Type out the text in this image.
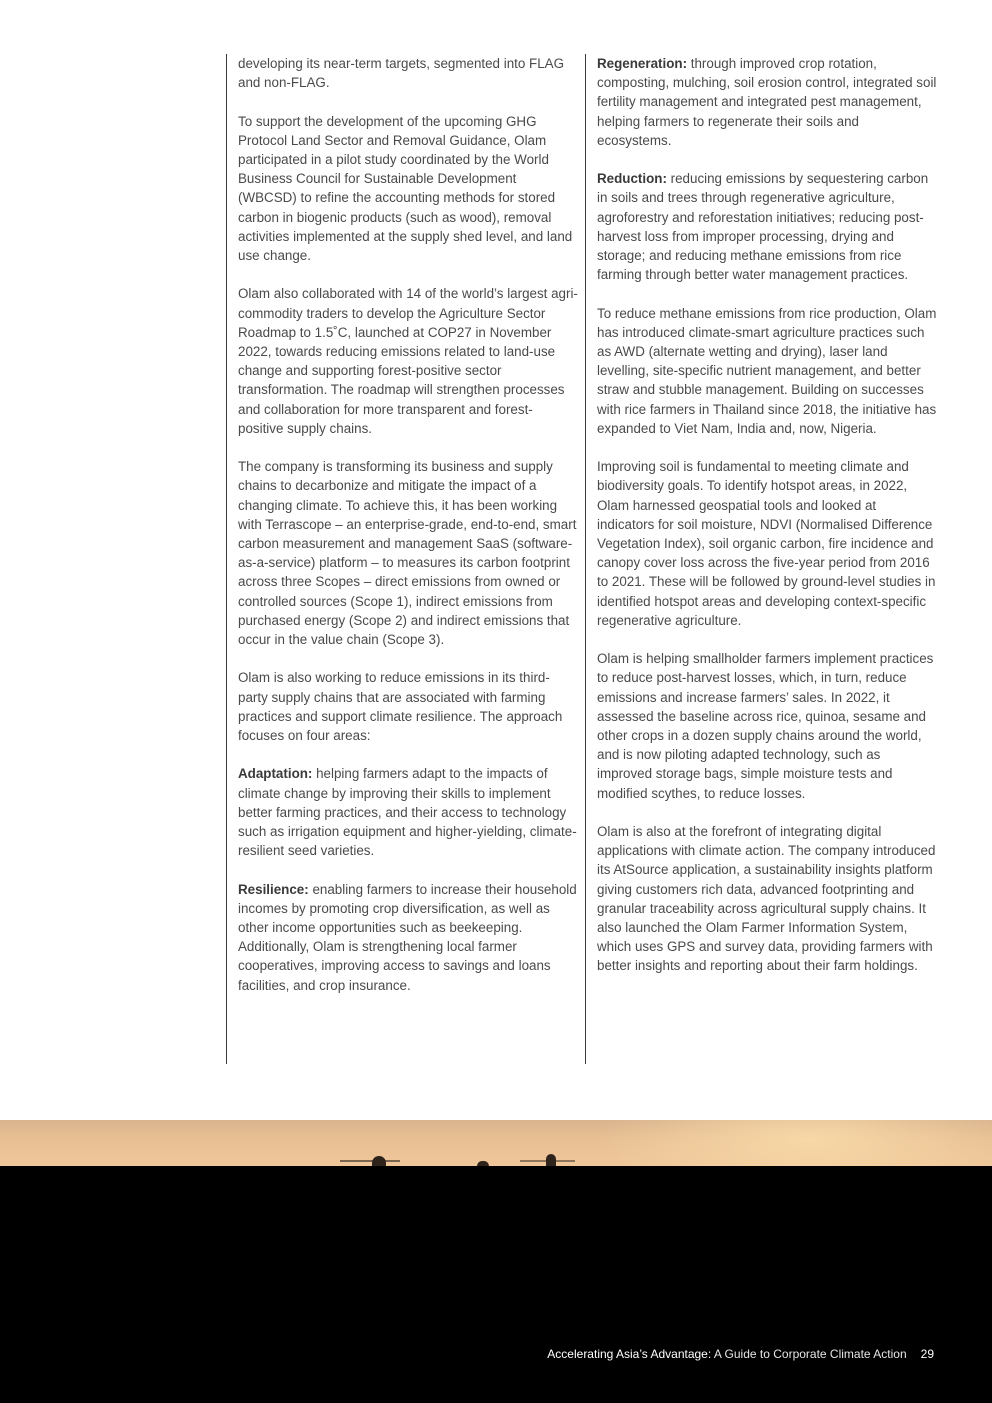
developing its near-term targets, segmented into FLAG and non-FLAG.

To support the development of the upcoming GHG Protocol Land Sector and Removal Guidance, Olam participated in a pilot study coordinated by the World Business Council for Sustainable Development (WBCSD) to refine the accounting methods for stored carbon in biogenic products (such as wood), removal activities implemented at the supply shed level, and land use change.

Olam also collaborated with 14 of the world’s largest agri-commodity traders to develop the Agriculture Sector Roadmap to 1.5˚C, launched at COP27 in November 2022, towards reducing emissions related to land-use change and supporting forest-positive sector transformation. The roadmap will strengthen processes and collaboration for more transparent and forest-positive supply chains.

The company is transforming its business and supply chains to decarbonize and mitigate the impact of a changing climate. To achieve this, it has been working with Terrascope – an enterprise-grade, end-to-end, smart carbon measurement and management SaaS (software-as-a-service) platform – to measures its carbon footprint across three Scopes – direct emissions from owned or controlled sources (Scope 1), indirect emissions from purchased energy (Scope 2) and indirect emissions that occur in the value chain (Scope 3).

Olam is also working to reduce emissions in its third-party supply chains that are associated with farming practices and support climate resilience. The approach focuses on four areas:

Adaptation: helping farmers adapt to the impacts of climate change by improving their skills to implement better farming practices, and their access to technology such as irrigation equipment and higher-yielding, climate-resilient seed varieties.

Resilience: enabling farmers to increase their household incomes by promoting crop diversification, as well as other income opportunities such as beekeeping. Additionally, Olam is strengthening local farmer cooperatives, improving access to savings and loans facilities, and crop insurance.

Regeneration: through improved crop rotation, composting, mulching, soil erosion control, integrated soil fertility management and integrated pest management, helping farmers to regenerate their soils and ecosystems.

Reduction: reducing emissions by sequestering carbon in soils and trees through regenerative agriculture, agroforestry and reforestation initiatives; reducing post-harvest loss from improper processing, drying and storage; and reducing methane emissions from rice farming through better water management practices.

To reduce methane emissions from rice production, Olam has introduced climate-smart agriculture practices such as AWD (alternate wetting and drying), laser land levelling, site-specific nutrient management, and better straw and stubble management. Building on successes with rice farmers in Thailand since 2018, the initiative has expanded to Viet Nam, India and, now, Nigeria.

Improving soil is fundamental to meeting climate and biodiversity goals. To identify hotspot areas, in 2022, Olam harnessed geospatial tools and looked at indicators for soil moisture, NDVI (Normalised Difference Vegetation Index), soil organic carbon, fire incidence and canopy cover loss across the five-year period from 2016 to 2021. These will be followed by ground-level studies in identified hotspot areas and developing context-specific regenerative agriculture.

Olam is helping smallholder farmers implement practices to reduce post-harvest losses, which, in turn, reduce emissions and increase farmers’ sales. In 2022, it assessed the baseline across rice, quinoa, sesame and other crops in a dozen supply chains around the world, and is now piloting adapted technology, such as improved storage bags, simple moisture tests and modified scythes, to reduce losses.

Olam is also at the forefront of integrating digital applications with climate action. The company introduced its AtSource application, a sustainability insights platform giving customers rich data, advanced footprinting and granular traceability across agricultural supply chains. It also launched the Olam Farmer Information System, which uses GPS and survey data, providing farmers with better insights and reporting about their farm holdings.

Accelerating Asia’s Advantage: A Guide to Corporate Climate Action 29
